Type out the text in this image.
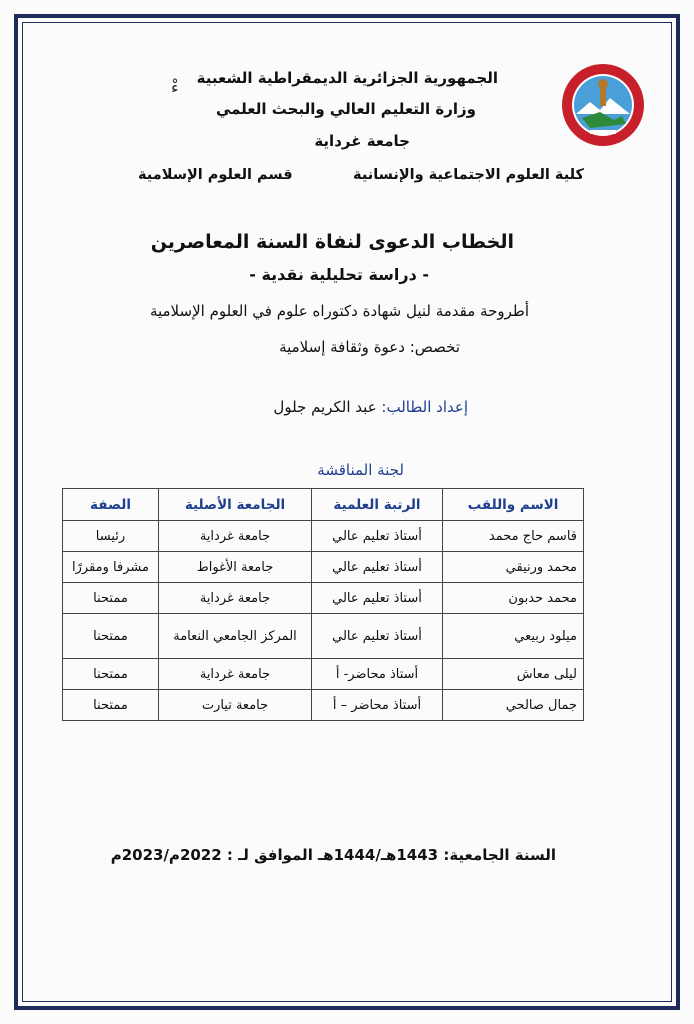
ءْ الجمهورية الجزائرية الديمقراطية الشعبية
وزارة التعليم العالي والبحث العلمي
جامعة غرداية
كلية العلوم الاجتماعية والإنسانية
قسم العلوم الإسلامية
الخطاب الدعوى لنفاة السنة المعاصرين
- دراسة تحليلية نقدية -
أطروحة مقدمة لنيل شهادة دكتوراه علوم في العلوم الإسلامية
تخصص: دعوة وثقافة إسلامية
إعداد الطالب: عبد الكريم جلول
لجنة المناقشة
الاسم واللقب	الرتبة العلمية	الجامعة الأصلية	الصفة
قاسم حاج محمد	أستاذ تعليم عالي	جامعة غرداية	رئيسا
محمد ورنيقي	أستاذ تعليم عالي	جامعة الأغواط	مشرفا ومقررًا
محمد حدبون	أستاذ تعليم عالي	جامعة غرداية	ممتحنا
ميلود ربيعي	أستاذ تعليم عالي	المركز الجامعي النعامة	ممتحنا
ليلى معاش	أستاذ محاضر- أ	جامعة غرداية	ممتحنا
جمال صالحي	أستاذ محاضر – أ	جامعة تيارت	ممتحنا
السنة الجامعية: 1443هـ/1444هـ الموافق لـ : 2022م/2023م
